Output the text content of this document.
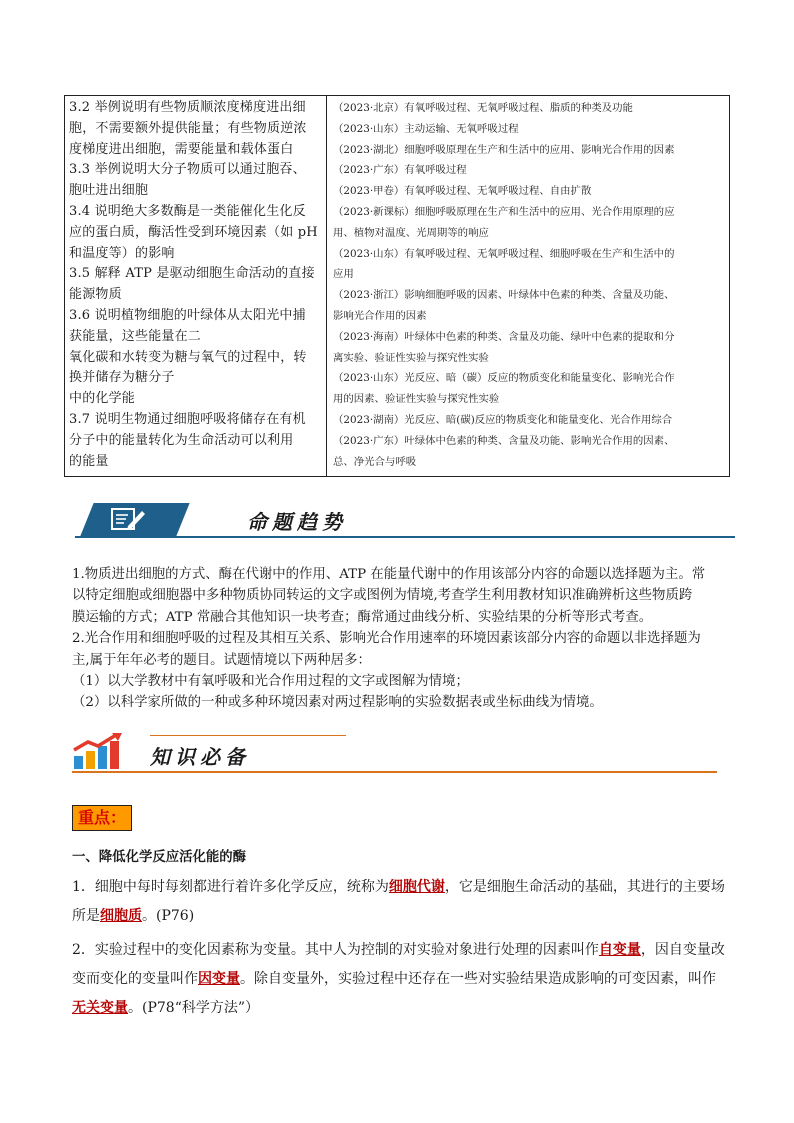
3.2 举例说明有些物质顺浓度梯度进出细
胞，不需要额外提供能量；有些物质逆浓
度梯度进出细胞，需要能量和载体蛋白
3.3 举例说明大分子物质可以通过胞吞、
胞吐进出细胞
3.4 说明绝大多数酶是一类能催化生化反
应的蛋白质，酶活性受到环境因素（如 pH
和温度等）的影响
3.5 解释 ATP 是驱动细胞生命活动的直接
能源物质
3.6 说明植物细胞的叶绿体从太阳光中捕
获能量，这些能量在二
氧化碳和水转变为糖与氧气的过程中，转
换并储存为糖分子
中的化学能
3.7 说明生物通过细胞呼吸将储存在有机
分子中的能量转化为生命活动可以利用
的能量
（2023·北京）有氧呼吸过程、无氧呼吸过程、脂质的种类及功能
（2023·山东）主动运输、无氧呼吸过程
（2023·湖北）细胞呼吸原理在生产和生活中的应用、影响光合作用的因素
（2023·广东）有氧呼吸过程
（2023·甲卷）有氧呼吸过程、无氧呼吸过程、自由扩散
（2023·新课标）细胞呼吸原理在生产和生活中的应用、光合作用原理的应
用、植物对温度、光周期等的响应
（2023·山东）有氧呼吸过程、无氧呼吸过程、细胞呼吸在生产和生活中的
应用
（2023·浙江）影响细胞呼吸的因素、叶绿体中色素的种类、含量及功能、
影响光合作用的因素
（2023·海南）叶绿体中色素的种类、含量及功能、绿叶中色素的提取和分
离实验、验证性实验与探究性实验
（2023·山东）光反应、暗（碳）反应的物质变化和能量变化、影响光合作
用的因素、验证性实验与探究性实验
（2023·湖南）光反应、暗(碳)反应的物质变化和能量变化、光合作用综合
（2023·广东）叶绿体中色素的种类、含量及功能、影响光合作用的因素、
总、净光合与呼吸
命题趋势
1.物质进出细胞的方式、酶在代谢中的作用、ATP 在能量代谢中的作用该部分内容的命题以选择题为主。常
以特定细胞或细胞器中多种物质协同转运的文字或图例为情境,考查学生利用教材知识准确辨析这些物质跨
膜运输的方式；ATP 常融合其他知识一块考查；酶常通过曲线分析、实验结果的分析等形式考查。
2.光合作用和细胞呼吸的过程及其相互关系、影响光合作用速率的环境因素该部分内容的命题以非选择题为
主,属于年年必考的题目。试题情境以下两种居多：
（1）以大学教材中有氧呼吸和光合作用过程的文字或图解为情境；
（2）以科学家所做的一种或多种环境因素对两过程影响的实验数据表或坐标曲线为情境。
知识必备
重点：
一、降低化学反应活化能的酶
1．细胞中每时每刻都进行着许多化学反应，统称为细胞代谢，它是细胞生命活动的基础，其进行的主要场
所是细胞质。(P76)
2．实验过程中的变化因素称为变量。其中人为控制的对实验对象进行处理的因素叫作自变量，因自变量改
变而变化的变量叫作因变量。除自变量外，实验过程中还存在一些对实验结果造成影响的可变因素，叫作
无关变量。(P78“科学方法”）
